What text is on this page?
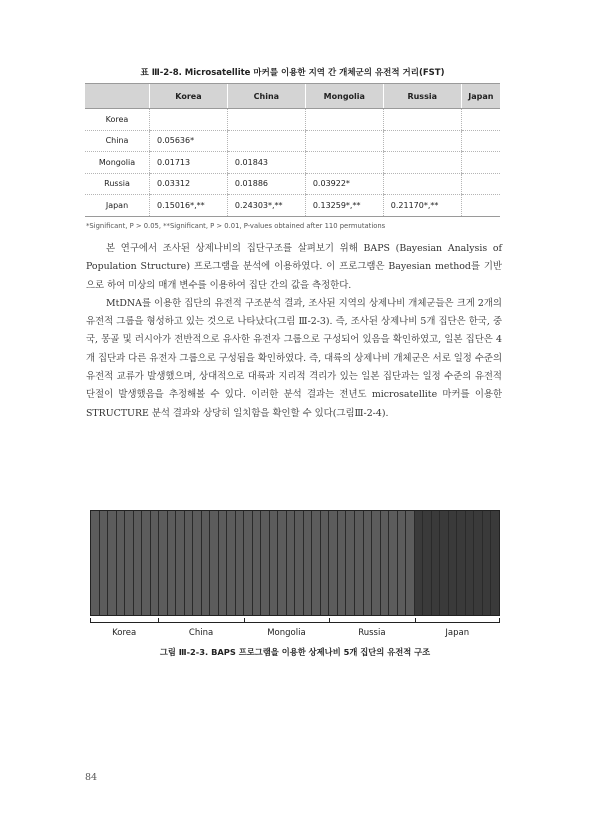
표 Ⅲ-2-8. Microsatellite 마커를 이용한 지역 간 개체군의 유전적 거리(FST)
	Korea	China	Mongolia	Russia	Japan
Korea					
China	0.05636*				
Mongolia	0.01713	0.01843			
Russia	0.03312	0.01886	0.03922*		
Japan	0.15016*,**	0.24303*,**	0.13259*,**	0.21170*,**	
*Significant, P > 0.05, **Significant, P > 0.01, P-values obtained after 110 permutations

본 연구에서 조사된 상제나비의 집단구조를 살펴보기 위해 BAPS (Bayesian Analysis of Population Structure) 프로그램을 분석에 이용하였다. 이 프로그램은 Bayesian method를 기반으로 하여 미상의 매개 변수를 이용하여 집단 간의 값을 측정한다.

MtDNA를 이용한 집단의 유전적 구조분석 결과, 조사된 지역의 상제나비 개체군들은 크게 2개의 유전적 그룹을 형성하고 있는 것으로 나타났다(그림 Ⅲ-2-3). 즉, 조사된 상제나비 5개 집단은 한국, 중국, 몽골 및 러시아가 전반적으로 유사한 유전자 그룹으로 구성되어 있음을 확인하였고, 일본 집단은 4개 집단과 다른 유전자 그룹으로 구성됨을 확인하였다. 즉, 대륙의 상제나비 개체군은 서로 일정 수준의 유전적 교류가 발생했으며, 상대적으로 대륙과 지리적 격리가 있는 일본 집단과는 일정 수준의 유전적 단절이 발생했음을 추정해볼 수 있다. 이러한 분석 결과는 전년도 microsatellite 마커를 이용한 STRUCTURE 분석 결과와 상당히 일치함을 확인할 수 있다(그림Ⅲ-2-4).

Korea	China	Mongolia	Russia	Japan
그림 Ⅲ-2-3. BAPS 프로그램을 이용한 상제나비 5개 집단의 유전적 구조
84
